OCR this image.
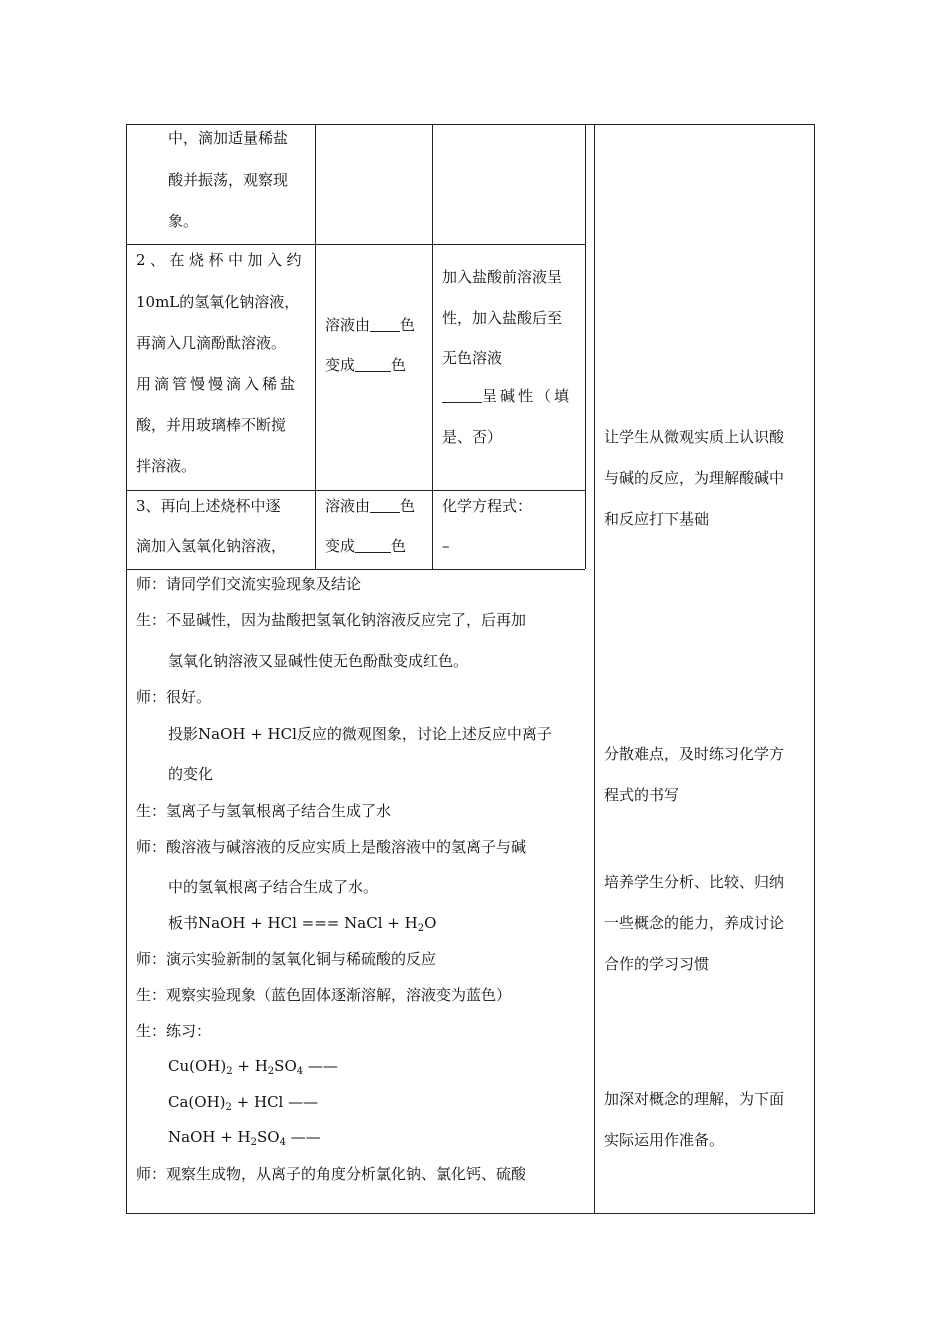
中，滴加适量稀盐
酸并振荡，观察现
象。
2、在烧杯中加入约
10mL的氢氧化钠溶液，
再滴入几滴酚酞溶液。
用滴管慢慢滴入稀盐
酸，并用玻璃棒不断搅
拌溶液。
溶液由 色
变成 色
加入盐酸前溶液呈
性，加入盐酸后至
无色溶液
呈碱性（填
是、否）
3、再向上述烧杯中逐
滴加入氢氧化钠溶液，
溶液由 色
变成 色
化学方程式：
–
师：请同学们交流实验现象及结论
生：不显碱性，因为盐酸把氢氧化钠溶液反应完了，后再加
氢氧化钠溶液又显碱性使无色酚酞变成红色。
师：很好。
投影NaOH + HCl反应的微观图象，讨论上述反应中离子
的变化
生：氢离子与氢氧根离子结合生成了水
师：酸溶液与碱溶液的反应实质上是酸溶液中的氢离子与碱
中的氢氧根离子结合生成了水。
板书NaOH + HCl === NaCl + $H_2O$
师：演示实验新制的氢氧化铜与稀硫酸的反应
生：观察实验现象（蓝色固体逐渐溶解，溶液变为蓝色）
生：练习：
$Cu(OH)_2 + H_2SO_4$ ——
$Ca(OH)_2$ + HCl ——
NaOH + $H_2SO_4$ ——
师：观察生成物，从离子的角度分析氯化钠、氯化钙、硫酸
让学生从微观实质上认识酸
与碱的反应，为理解酸碱中
和反应打下基础
分散难点，及时练习化学方
程式的书写
培养学生分析、比较、归纳
一些概念的能力，养成讨论
合作的学习习惯
加深对概念的理解，为下面
实际运用作准备。
